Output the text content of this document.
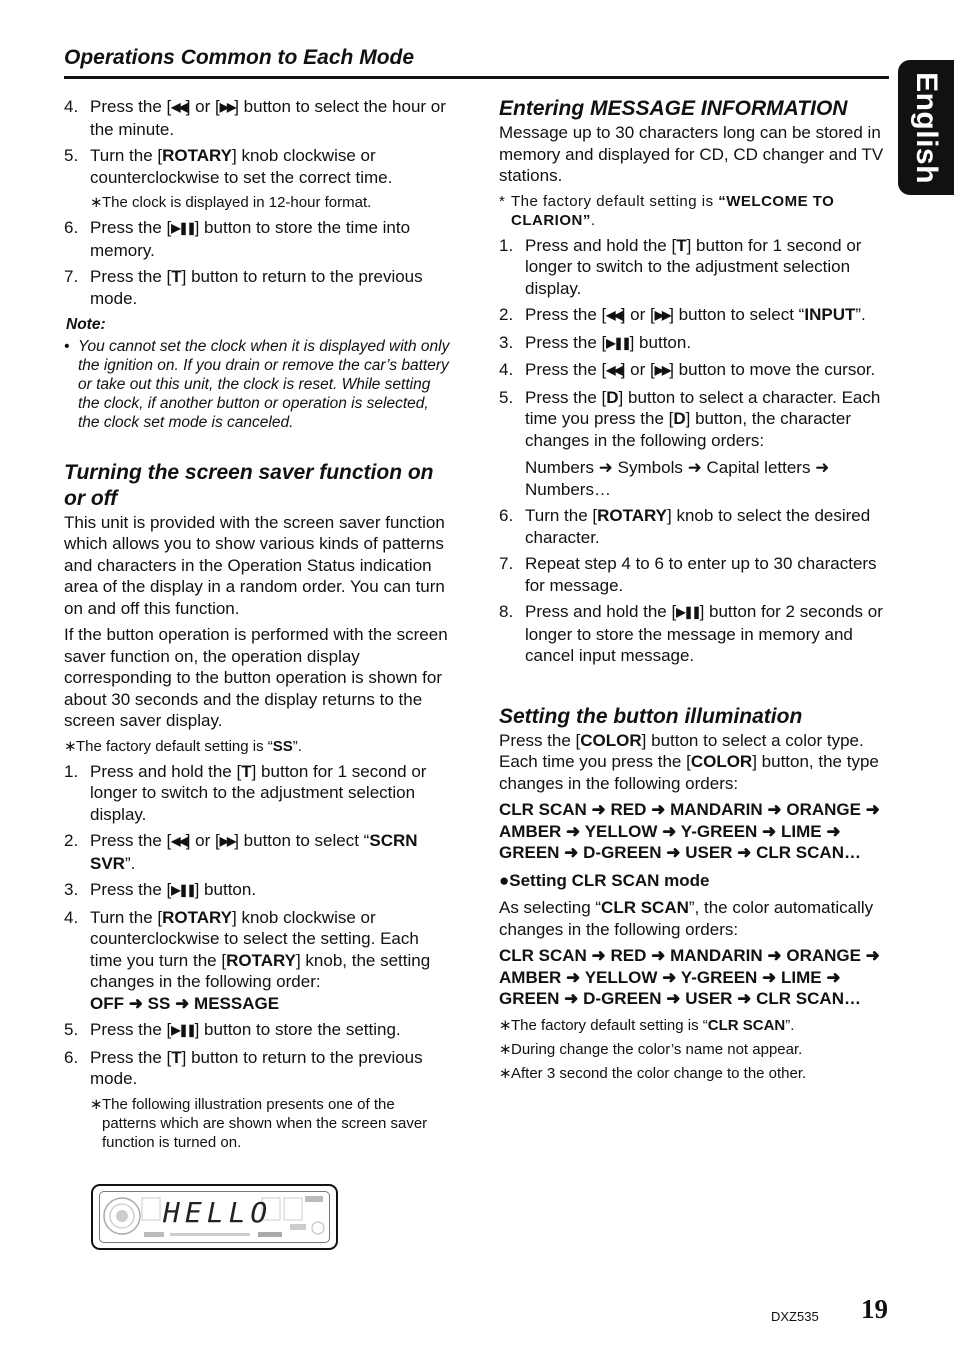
Operations Common to Each Mode
English
4. Press the [◀◀] or [▶▶] button to select the hour or the minute.
5. Turn the [ROTARY] knob clockwise or counterclockwise to set the correct time.
∗ The clock is displayed in 12-hour format.
6. Press the [▶❚❚] button to store the time into memory.
7. Press the [T] button to return to the previous mode.
Note:
• You cannot set the clock when it is displayed with only the ignition on. If you drain or remove the car’s battery or take out this unit, the clock is reset. While setting the clock, if another button or operation is selected, the clock set mode is canceled.
Turning the screen saver function on or off

This unit is provided with the screen saver function which allows you to show various kinds of patterns and characters in the Operation Status indication area of the display in a random order. You can turn on and off this function.

If the button operation is performed with the screen saver function on, the operation display corresponding to the button operation is shown for about 30 seconds and the display returns to the screen saver display.

∗ The factory default setting is “SS”.
1. Press and hold the [T] button for 1 second or longer to switch to the adjustment selection display.
2. Press the [◀◀] or [▶▶] button to select “SCRN SVR”.
3. Press the [▶❚❚] button.
4. Turn the [ROTARY] knob clockwise or counterclockwise to select the setting. Each time you turn the [ROTARY] knob, the setting changes in the following order:
OFF ➜ SS ➜ MESSAGE
5. Press the [▶❚❚] button to store the setting.
6. Press the [T] button to return to the previous mode.
∗ The following illustration presents one of the patterns which are shown when the screen saver function is turned on.
HELLO
Entering MESSAGE INFORMATION

Message up to 30 characters long can be stored in memory and displayed for CD, CD changer and TV stations.

* The factory default setting is “WELCOME TO CLARION”.
1. Press and hold the [T] button for 1 second or longer to switch to the adjustment selection display.
2. Press the [◀◀] or [▶▶] button to select “INPUT”.
3. Press the [▶❚❚] button.
4. Press the [◀◀] or [▶▶] button to move the cursor.
5. Press the [D] button to select a character. Each time you press the [D] button, the character changes in the following orders:

Numbers ➜ Symbols ➜ Capital letters ➜ Numbers…
6. Turn the [ROTARY] knob to select the desired character.
7. Repeat step 4 to 6 to enter up to 30 characters for message.
8. Press and hold the [▶❚❚] button for 2 seconds or longer to store the message in memory and cancel input message.
Setting the button illumination

Press the [COLOR] button to select a color type. Each time you press the [COLOR] button, the type changes in the following orders:

CLR SCAN ➜ RED ➜ MANDARIN ➜ ORANGE ➜ AMBER ➜ YELLOW ➜ Y-GREEN ➜ LIME ➜ GREEN ➜ D-GREEN ➜ USER ➜ CLR SCAN…
●Setting CLR SCAN mode

As selecting “CLR SCAN”, the color automatically changes in the following orders:

CLR SCAN ➜ RED ➜ MANDARIN ➜ ORANGE ➜ AMBER ➜ YELLOW ➜ Y-GREEN ➜ LIME ➜ GREEN ➜ D-GREEN ➜ USER ➜ CLR SCAN…
∗ The factory default setting is “CLR SCAN”.
∗ During change the color’s name not appear.
∗ After 3 second the color change to the other.
DXZ535 19
